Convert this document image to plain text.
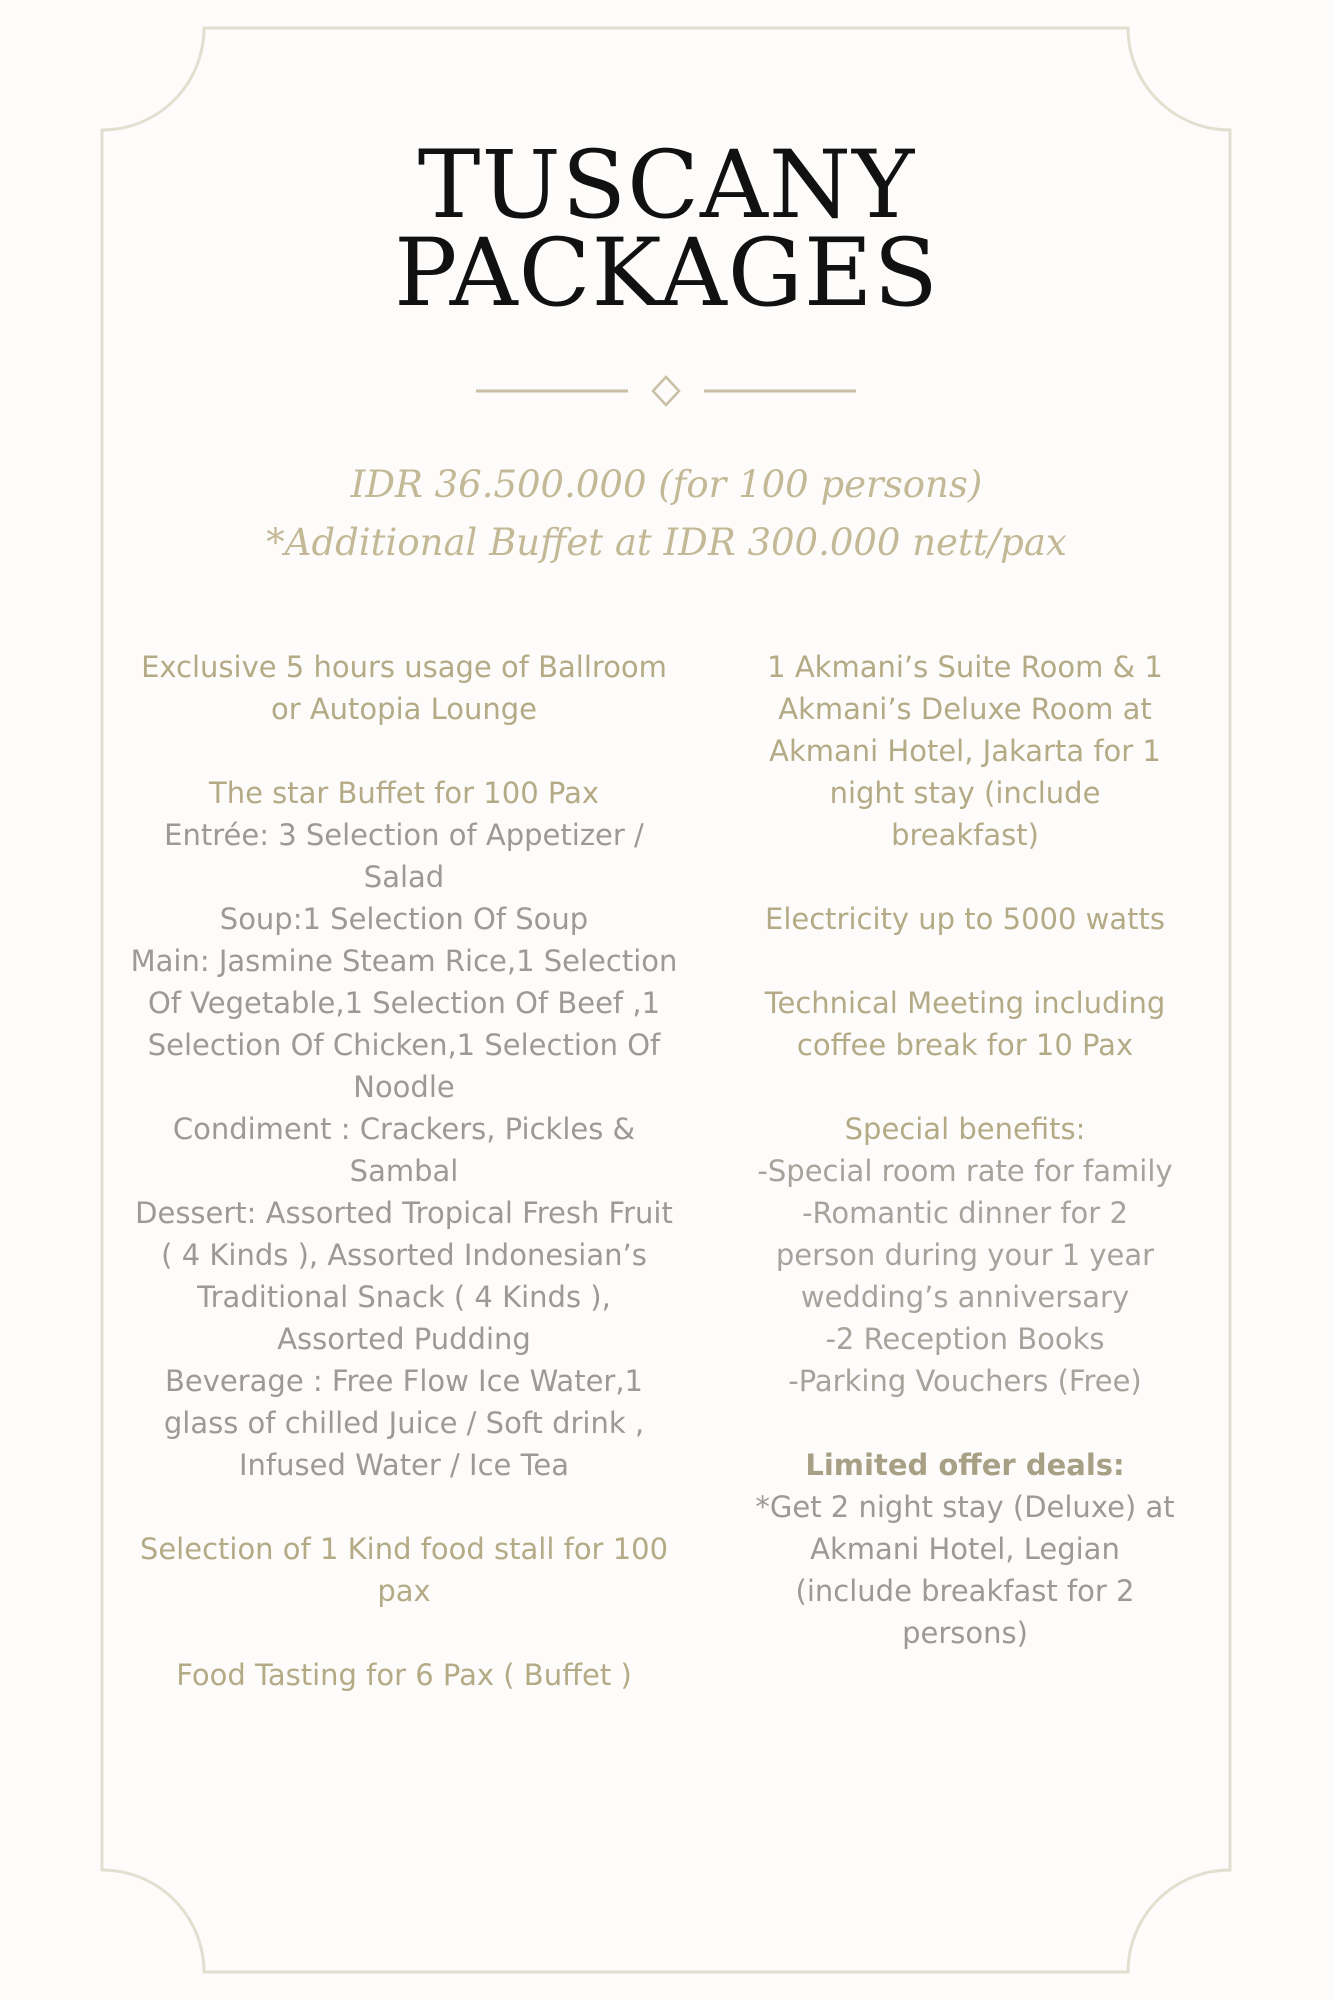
TUSCANY
PACKAGES
IDR 36.500.000 (for 100 persons)
*Additional Buffet at IDR 300.000 nett/pax

Exclusive 5 hours usage of Ballroom or Autopia Lounge

The star Buffet for 100 Pax

Entrée: 3 Selection of Appetizer / Salad

Soup:1 Selection Of Soup

Main: Jasmine Steam Rice,1 Selection Of Vegetable,1 Selection Of Beef ,1 Selection Of Chicken,1 Selection Of Noodle

Condiment : Crackers, Pickles & Sambal

Dessert: Assorted Tropical Fresh Fruit ( 4 Kinds ), Assorted Indonesian’s Traditional Snack ( 4 Kinds ), Assorted Pudding

Beverage : Free Flow Ice Water,1 glass of chilled Juice / Soft drink , Infused Water / Ice Tea

Selection of 1 Kind food stall for 100 pax

Food Tasting for 6 Pax ( Buffet )

1 Akmani’s Suite Room & 1 Akmani’s Deluxe Room at Akmani Hotel, Jakarta for 1 night stay (include breakfast)

Electricity up to 5000 watts

Technical Meeting including coffee break for 10 Pax

Special benefits:

-Special room rate for family

-Romantic dinner for 2 person during your 1 year wedding’s anniversary

-2 Reception Books

-Parking Vouchers (Free)

Limited offer deals:

*Get 2 night stay (Deluxe) at Akmani Hotel, Legian (include breakfast for 2 persons)
